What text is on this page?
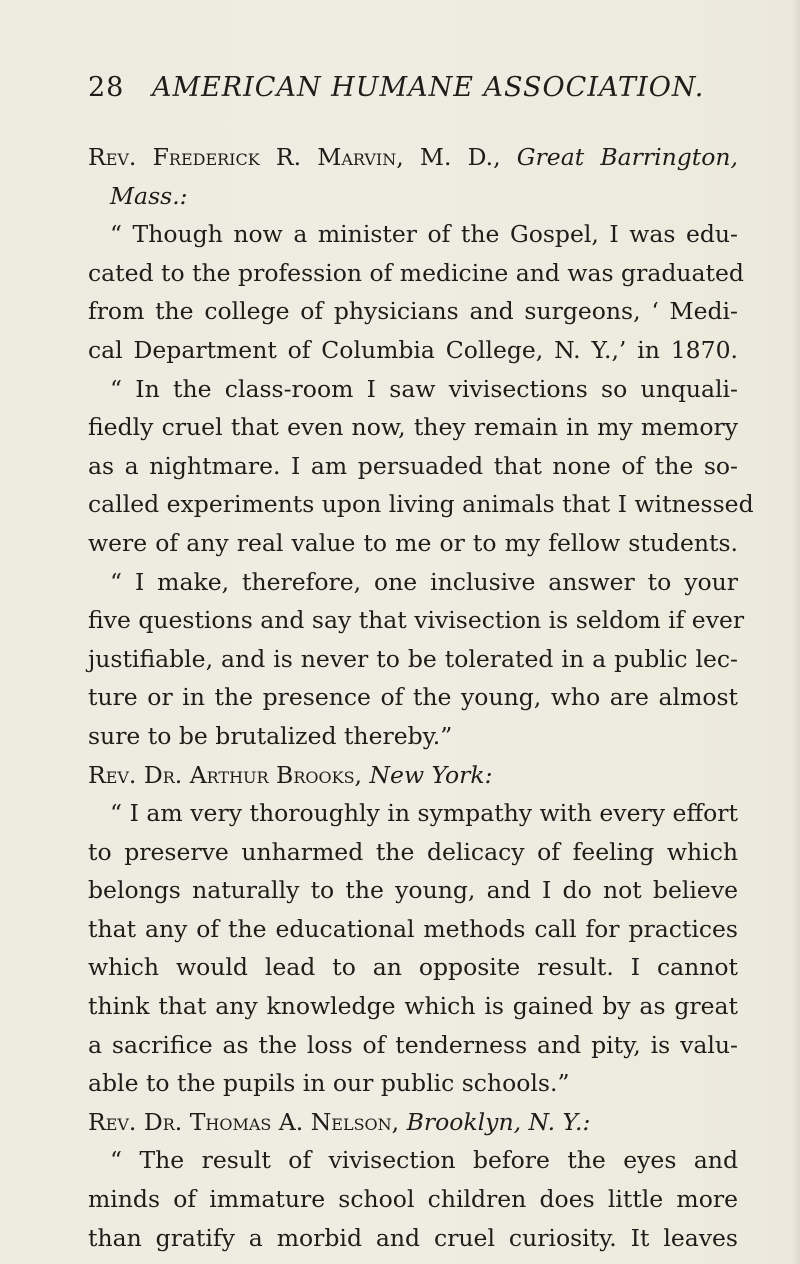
28 AMERICAN HUMANE ASSOCIATION.
Rev. Frederick R. Marvin, M. D., Great Barrington,
Mass.:
“ Though now a minister of the Gospel, I was edu-
cated to the profession of medicine and was graduated
from the college of physicians and surgeons, ‘ Medi-
cal Department of Columbia College, N. Y.,’ in 1870.
“ In the class-room I saw vivisections so unquali-
fiedly cruel that even now, they remain in my memory
as a nightmare. I am persuaded that none of the so-
called experiments upon living animals that I witnessed
were of any real value to me or to my fellow students.
“ I make, therefore, one inclusive answer to your
five questions and say that vivisection is seldom if ever
justifiable, and is never to be tolerated in a public lec-
ture or in the presence of the young, who are almost
sure to be brutalized thereby.”
Rev. Dr. Arthur Brooks, New York:
“ I am very thoroughly in sympathy with every effort
to preserve unharmed the delicacy of feeling which
belongs naturally to the young, and I do not believe
that any of the educational methods call for practices
which would lead to an opposite result. I cannot
think that any knowledge which is gained by as great
a sacrifice as the loss of tenderness and pity, is valu-
able to the pupils in our public schools.”
Rev. Dr. Thomas A. Nelson, Brooklyn, N. Y.:
“ The result of vivisection before the eyes and
minds of immature school children does little more
than gratify a morbid and cruel curiosity. It leaves
